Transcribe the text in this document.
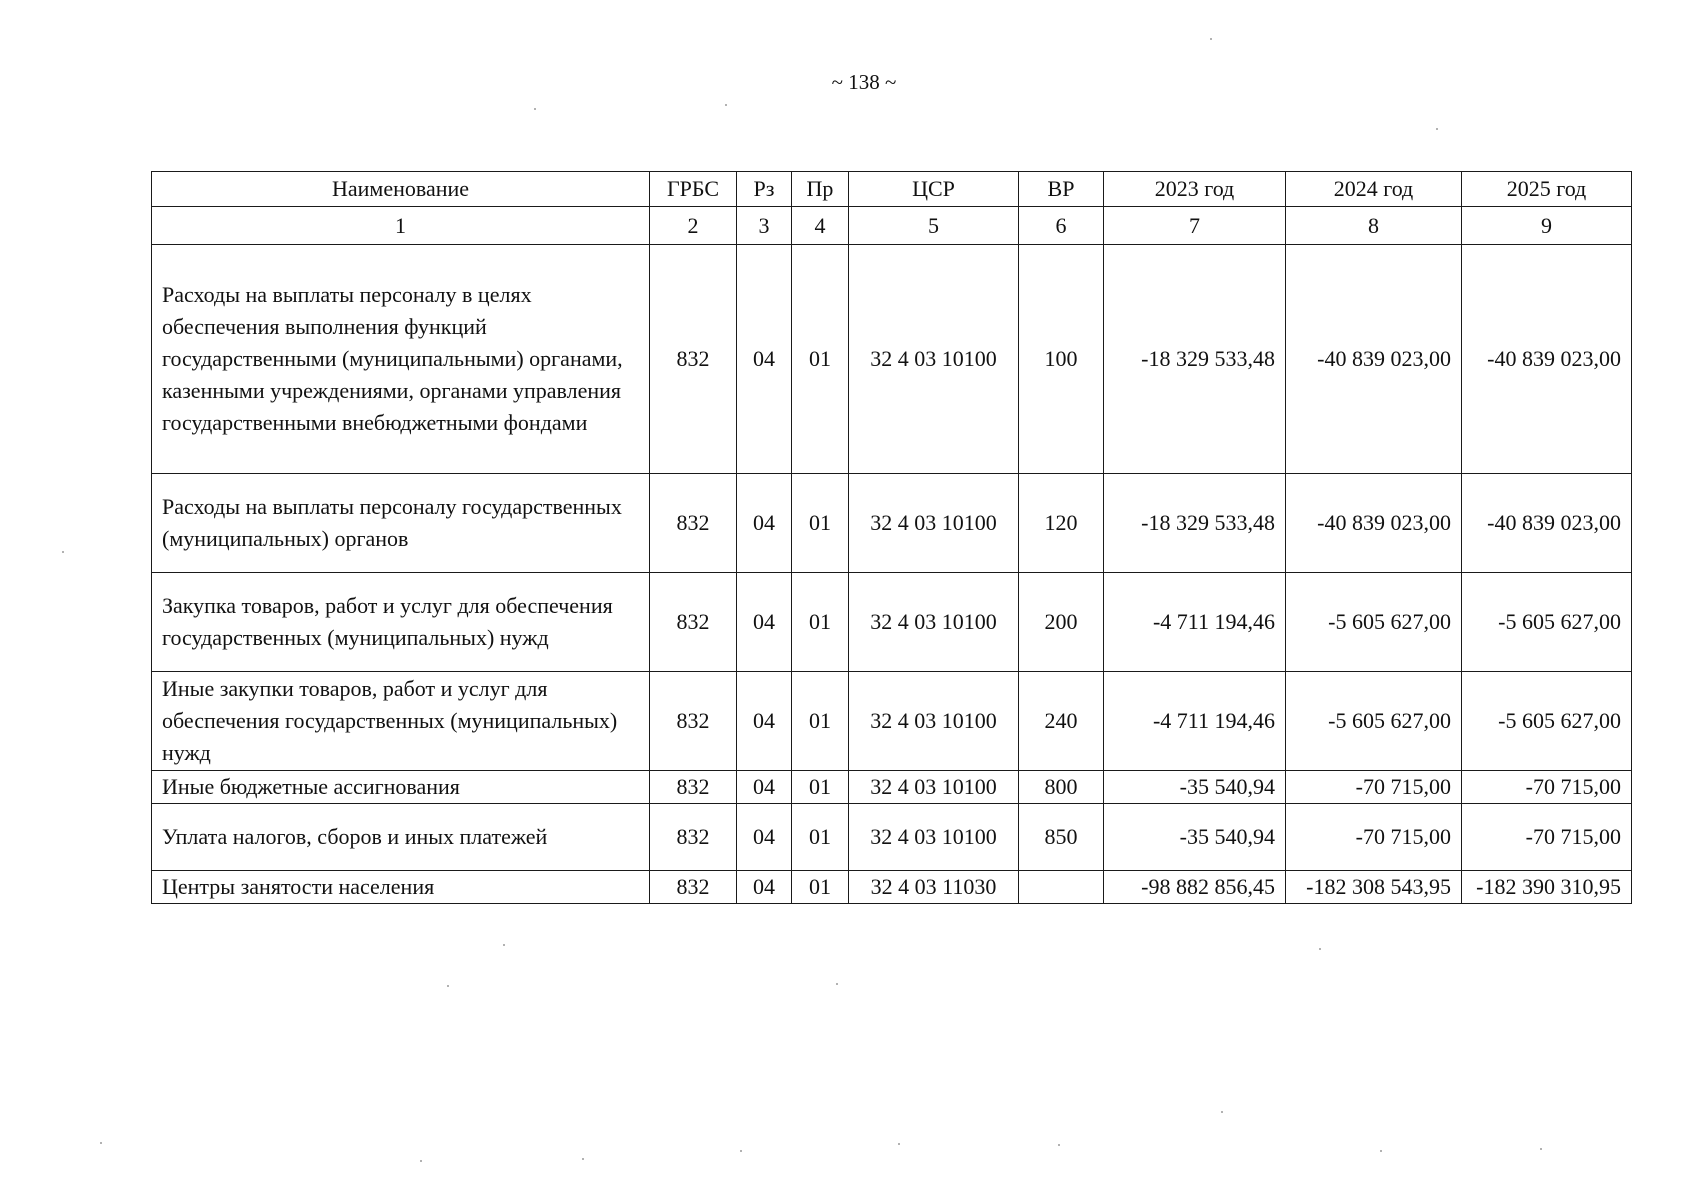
~ 138 ~
Наименование	ГРБС	Рз	Пр	ЦСР	ВР	2023 год	2024 год	2025 год
1	2	3	4	5	6	7	8	9
Расходы на выплаты персоналу в целях обеспечения выполнения функций государственными (муниципальными) органами, казенными учреждениями, органами управления государственными внебюджетными фондами	832	04	01	32 4 03 10100	100	-18 329 533,48	-40 839 023,00	-40 839 023,00
Расходы на выплаты персоналу государственных (муниципальных) органов	832	04	01	32 4 03 10100	120	-18 329 533,48	-40 839 023,00	-40 839 023,00
Закупка товаров, работ и услуг для обеспечения государственных (муниципальных) нужд	832	04	01	32 4 03 10100	200	-4 711 194,46	-5 605 627,00	-5 605 627,00
Иные закупки товаров, работ и услуг для обеспечения государственных (муниципальных) нужд	832	04	01	32 4 03 10100	240	-4 711 194,46	-5 605 627,00	-5 605 627,00
Иные бюджетные ассигнования	832	04	01	32 4 03 10100	800	-35 540,94	-70 715,00	-70 715,00
Уплата налогов, сборов и иных платежей	832	04	01	32 4 03 10100	850	-35 540,94	-70 715,00	-70 715,00
Центры занятости населения	832	04	01	32 4 03 11030		-98 882 856,45	-182 308 543,95	-182 390 310,95
